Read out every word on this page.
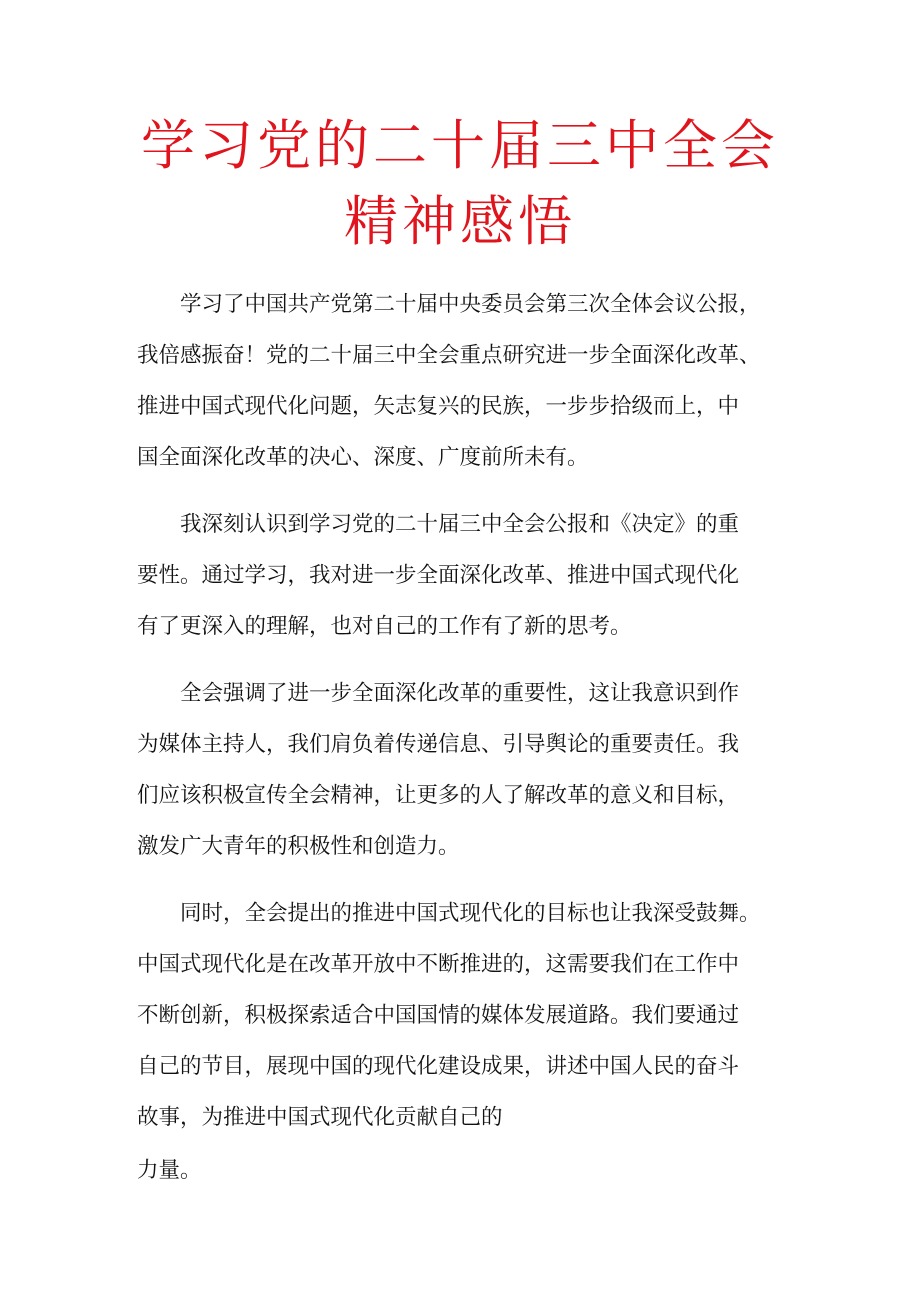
学习党的二十届三中全会
精神感悟
　　学习了中国共产党第二十届中央委员会第三次全体会议公报，
我倍感振奋！党的二十届三中全会重点研究进一步全面深化改革、
推进中国式现代化问题，矢志复兴的民族，一步步拾级而上，中
国全面深化改革的决心、深度、广度前所未有。
　　我深刻认识到学习党的二十届三中全会公报和《决定》的重
要性。通过学习，我对进一步全面深化改革、推进中国式现代化
有了更深入的理解，也对自己的工作有了新的思考。
　　全会强调了进一步全面深化改革的重要性，这让我意识到作
为媒体主持人，我们肩负着传递信息、引导舆论的重要责任。我
们应该积极宣传全会精神，让更多的人了解改革的意义和目标，
激发广大青年的积极性和创造力。
　　同时，全会提出的推进中国式现代化的目标也让我深受鼓舞。
中国式现代化是在改革开放中不断推进的，这需要我们在工作中
不断创新，积极探索适合中国国情的媒体发展道路。我们要通过
自己的节目，展现中国的现代化建设成果，讲述中国人民的奋斗
故事，为推进中国式现代化贡献自己的
力量。
